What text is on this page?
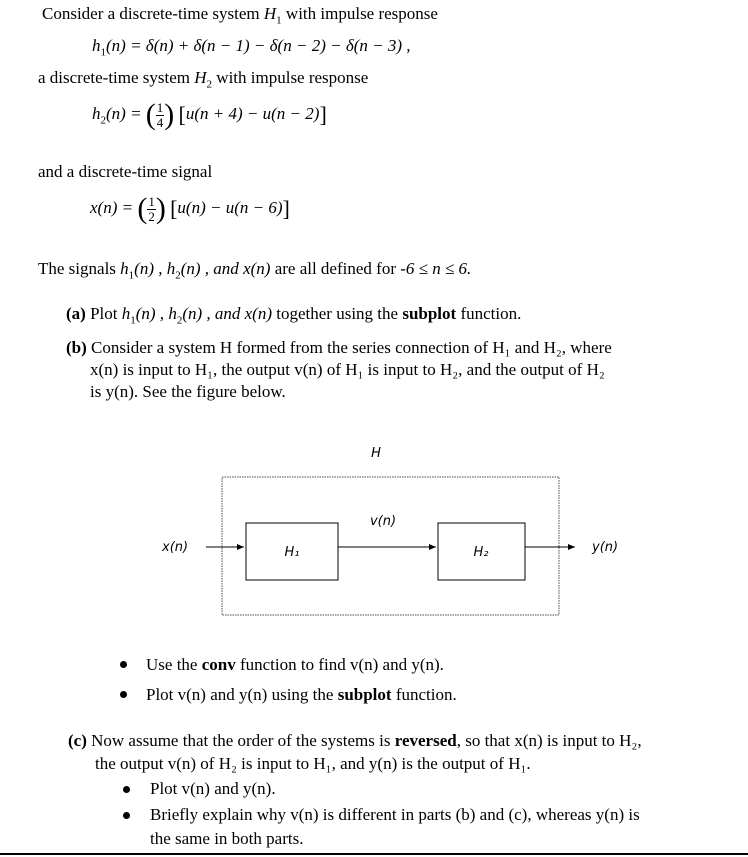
Consider a discrete-time system $H_1$ with impulse response
$h_1(n) = \delta(n) + \delta(n - 1) - \delta(n - 2) - \delta(n - 3)$ ,
a discrete-time system $H_2$ with impulse response
$h_2(n)$ = ( $\frac{1}{4}$ ) [u(n + 4) − u(n − 2)]
and a discrete-time signal
x(n) = ( $\frac{1}{2}$ ) [u(n) − u(n − 6)]
The signals $h_1(n)$ , $h_2(n)$ , and x(n) are all defined for -6 ≤ n ≤ 6.
(a) Plot $h_1(n)$ , $h_2(n)$ , and x(n) together using the subplot function.
(b) Consider a system H formed from the series connection of H₁ and H₂, where
x(n) is input to H₁, the output v(n) of H₁ is input to H₂, and the output of H₂
is y(n). See the figure below.
H
x(n)	H₁
v(n)
H₂	y(n)
Use the conv function to find v(n) and y(n).
Plot v(n) and y(n) using the subplot function.
(c) Now assume that the order of the systems is reversed, so that x(n) is input to H₂,
the output v(n) of H₂ is input to H₁, and y(n) is the output of H₁.
Plot v(n) and y(n).
Briefly explain why v(n) is different in parts (b) and (c), whereas y(n) is
the same in both parts.
